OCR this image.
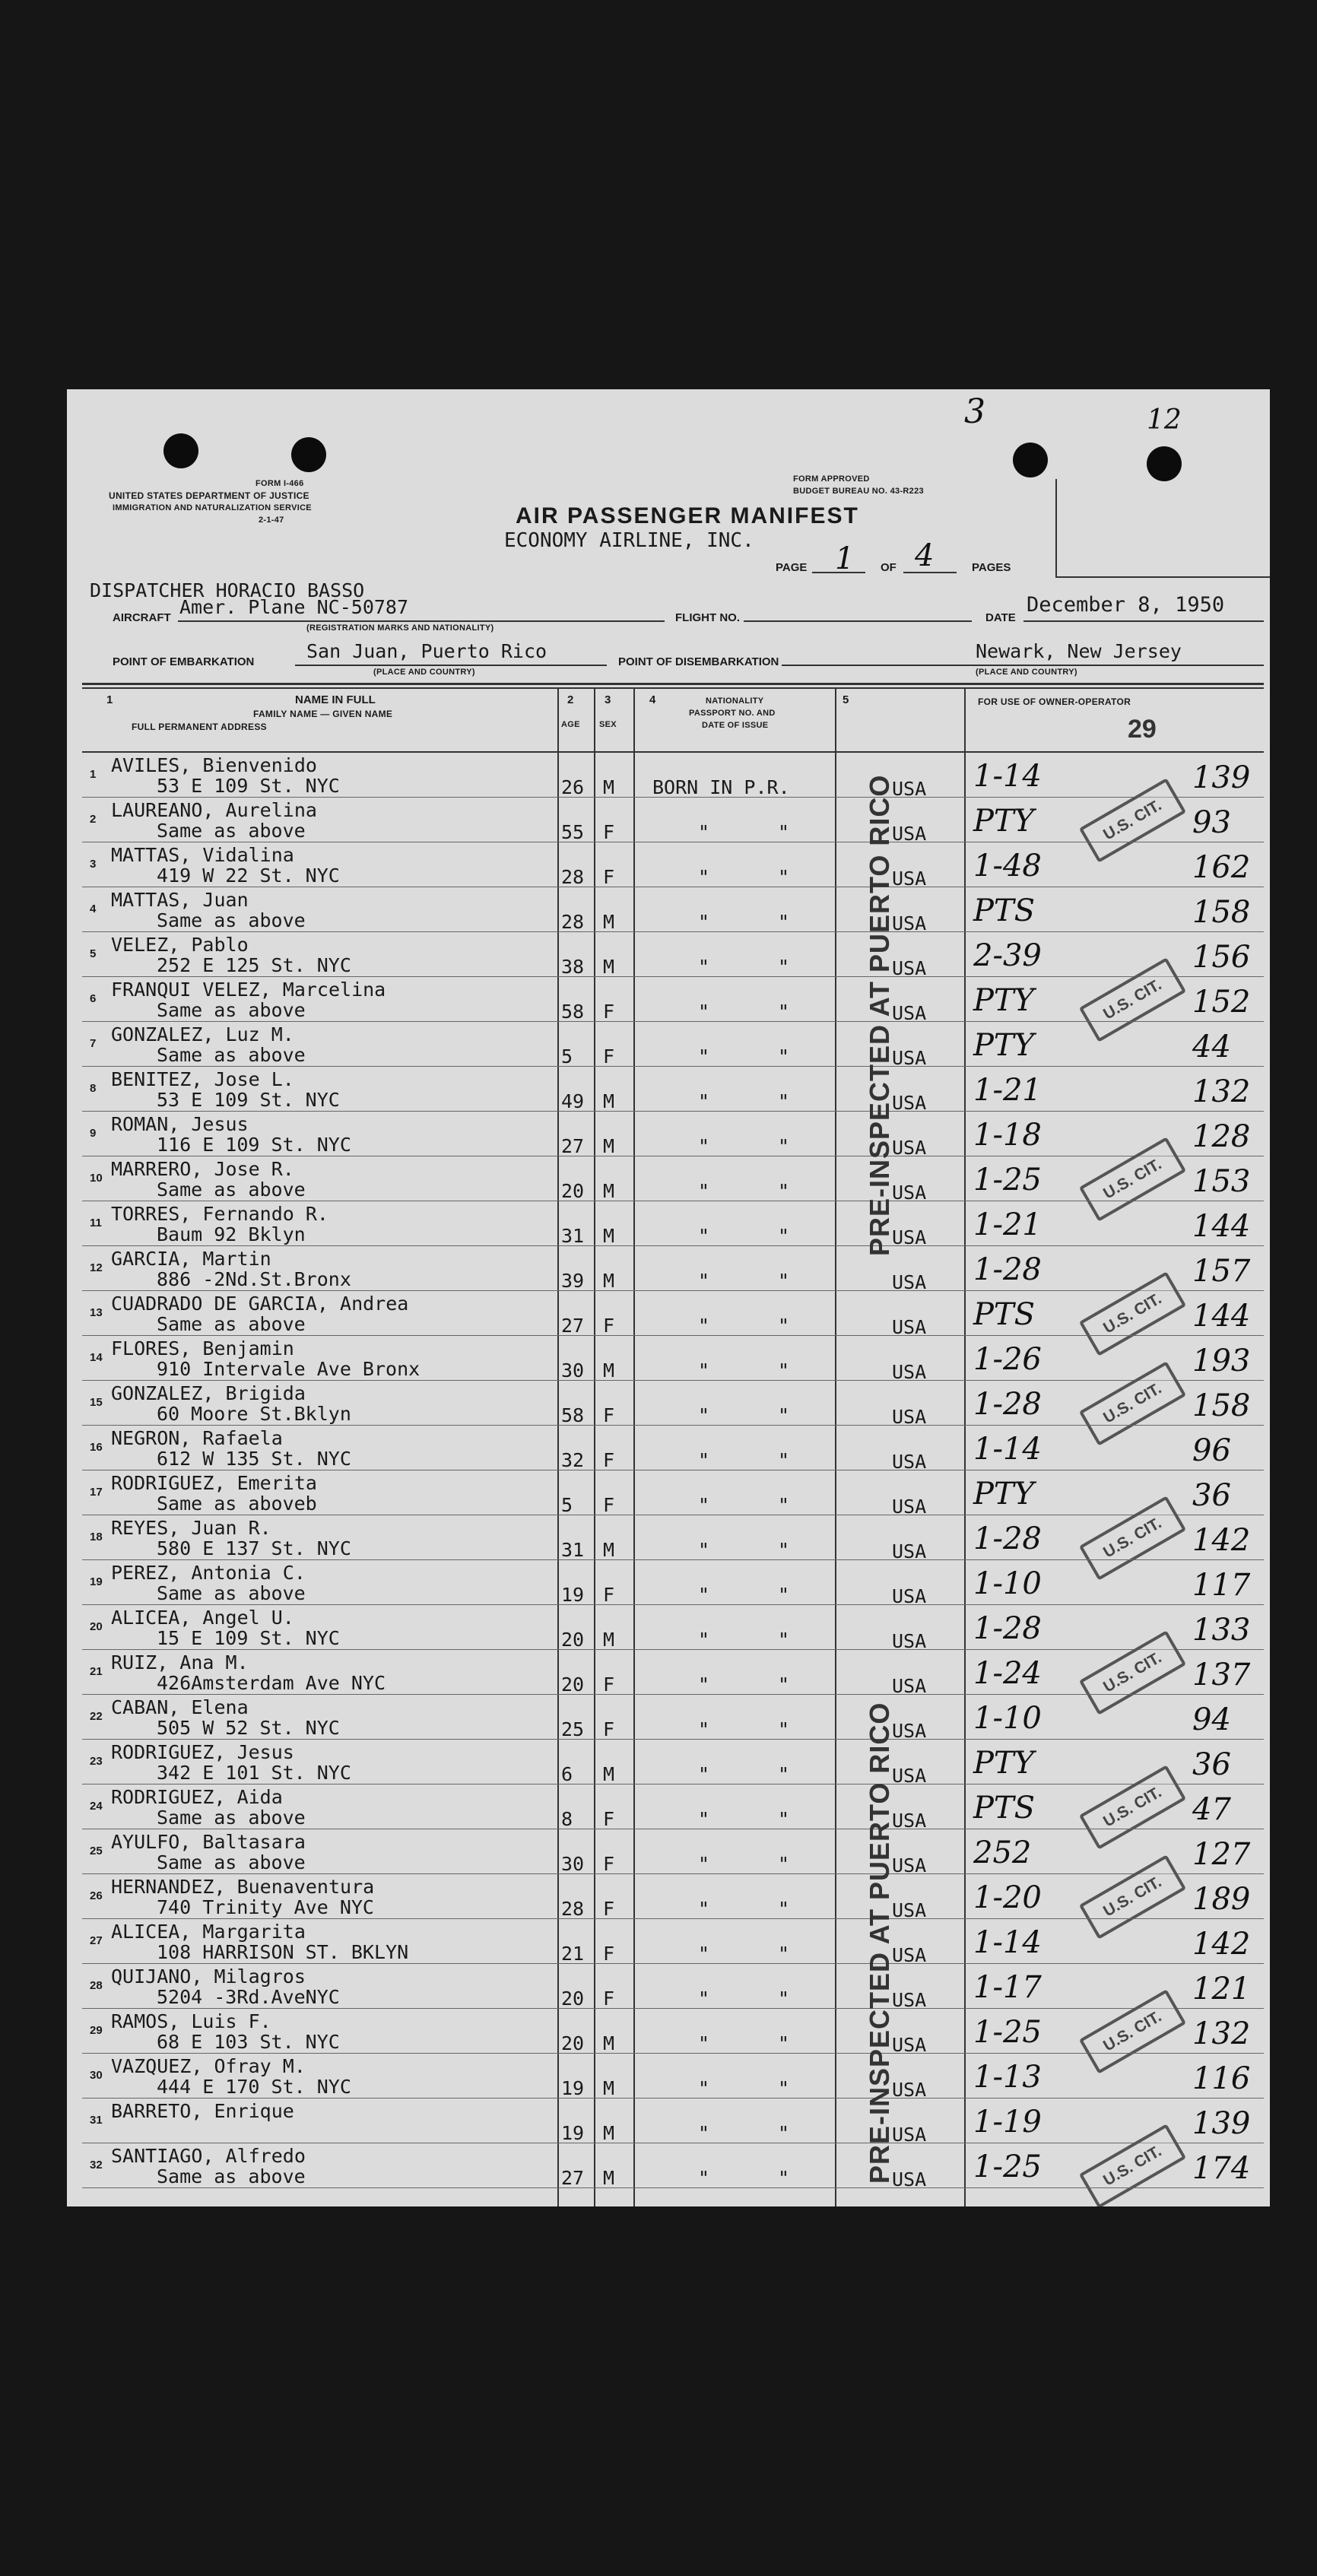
3	12
FORM I-466
UNITED STATES DEPARTMENT OF JUSTICE
IMMIGRATION AND NATURALIZATION SERVICE
2-1-47	AIR PASSENGER MANIFEST
ECONOMY AIRLINE, INC.
FORM APPROVED
BUDGET BUREAU NO. 43-R223
PAGE 1 OF 4	PAGES
DISPATCHER HORACIO BASSO
AIRCRAFT Amer. Plane NC-50787
(REGISTRATION MARKS AND NATIONALITY)
FLIGHT NO.	DATE
December 8, 1950
POINT OF EMBARKATION	San Juan, Puerto Rico
(PLACE AND COUNTRY)
POINT OF DISEMBARKATION	Newark, New Jersey
(PLACE AND COUNTRY)
1	NAME IN FULL
FAMILY NAME — GIVEN NAME
FULL PERMANENT ADDRESS
2
AGE
3
SEX
4	NATIONALITY
PASSPORT NO. AND
DATE OF ISSUE
5	FOR USE OF OWNER-OPERATOR
29
1 AVILES, Bienvenido
53 E 109 St. NYC	26 M BORN IN P.R.	USA 1-14	139
2 LAUREANO, Aurelina
Same as above	55 F	"	"	USA PTY	93
U.S. CIT.
3 MATTAS, Vidalina
419 W 22 St. NYC	28 F	"	"	USA 1-48	162
4 MATTAS, Juan
Same as above	28 M	"	"	USA PTS	158
5 VELEZ, Pablo
252 E 125 St. NYC	38 M	"	"	USA 2-39	156
6 FRANQUI VELEZ, Marcelina
Same as above	58 F	"	"	USA PTY	152
U.S. CIT.
7 GONZALEZ, Luz M.
Same as above	5 F	"	"	USA PTY	44
8 BENITEZ, Jose L.
53 E 109 St. NYC	49 M	"	"	USA 1-21	132
9 ROMAN, Jesus
116 E 109 St. NYC	27 M	"	"	USA 1-18	128
10 MARRERO, Jose R.
Same as above	20 M	"	"	USA 1-25	153
U.S. CIT.
11 TORRES, Fernando R.
Baum 92 Bklyn	31 M	"	"	USA 1-21	144
12 GARCIA, Martin
886 -2Nd.St.Bronx	39 M	"	"	USA 1-28	157
13 CUADRADO DE GARCIA, Andrea
Same as above	27 F	"	"	USA PTS	144
U.S. CIT.
14 FLORES, Benjamin
910 Intervale Ave Bronx	30 M	"	"	USA 1-26	193
15 GONZALEZ, Brigida
60 Moore St.Bklyn	58 F	"	"	USA 1-28	158
U.S. CIT.
16 NEGRON, Rafaela
612 W 135 St. NYC	32 F	"	"	USA 1-14	96
17 RODRIGUEZ, Emerita
Same as abovеb	5 F	"	"	USA PTY	36
18 REYES, Juan R.
580 E 137 St. NYC	31 M	"	"	USA 1-28	142
U.S. CIT.
19 PEREZ, Antonia C.
Same as above	19 F	"	"	USA 1-10	117
20 ALICEA, Angel U.
15 E 109 St. NYC	20 M	"	"	USA 1-28	133
21 RUIZ, Ana M.
426Amsterdam Ave NYC	20 F	"	"	USA 1-24	137
U.S. CIT.
22 CABAN, Elena
505 W 52 St. NYC	25 F	"	"	USA 1-10	94
23 RODRIGUEZ, Jesus
342 E 101 St. NYC	6 M	"	"	USA PTY	36
24 RODRIGUEZ, Aida
Same as above	8 F	"	"	USA PTS	47
U.S. CIT.
25 AYULFO, Baltasara
Same as above	30 F	"	"	USA 252	127
26 HERNANDEZ, Buenaventura
740 Trinity Ave NYC	28 F	"	"	USA 1-20	189
U.S. CIT.
27 ALICEA, Margarita
108 HARRISON ST. BKLYN	21 F	"	"	USA 1-14	142
28 QUIJANO, Milagros
5204 -3Rd.AveNYC	20 F	"	"	USA 1-17	121
29 RAMOS, Luis F.
68 E 103 St. NYC	20 M	"	"	USA 1-25	132
U.S. CIT.
30 VAZQUEZ, Ofray M.
444 E 170 St. NYC	19 M	"	"	USA 1-13	116
31 BARRETO, Enrique
19 M	"	"	USA 1-19	139
32 SANTIAGO, Alfredo
Same as above	27 M	"	"	USA 1-25	174
U.S. CIT.
PRE-INSPECTED AT PUERTO RICO
PRE-INSPECTED AT PUERTO RICO
